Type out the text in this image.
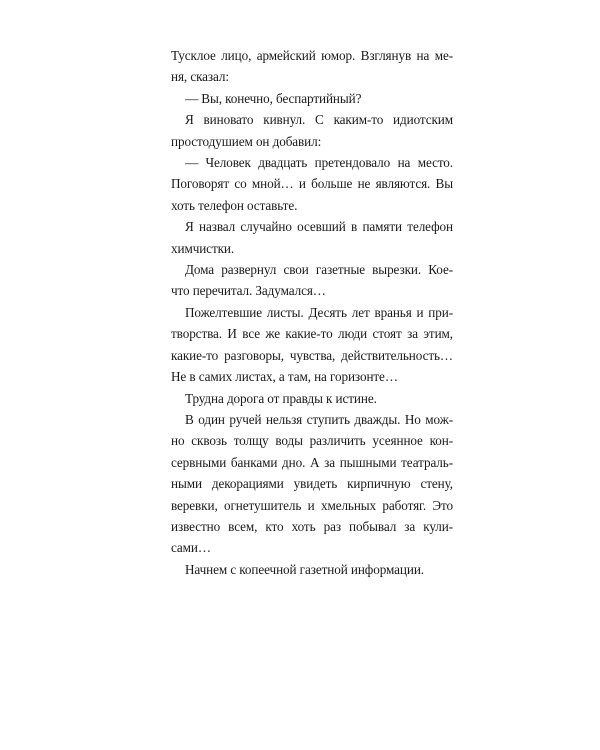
Тусклое лицо, армейский юмор. Взглянув на ме-
ня, сказал:
— Вы, конечно, беспартийный?
Я виновато кивнул. С каким-то идиотским
простодушием он добавил:
— Человек двадцать претендовало на место.
Поговорят со мной… и больше не являются. Вы
хоть телефон оставьте.
Я назвал случайно осевший в памяти телефон
химчистки.
Дома развернул свои газетные вырезки. Кое-
что перечитал. Задумался…
Пожелтевшие листы. Десять лет вранья и при-
творства. И все же какие-то люди стоят за этим,
какие-то разговоры, чувства, действительность…
Не в самих листах, а там, на горизонте…
Трудна дорога от правды к истине.
В один ручей нельзя ступить дважды. Но мож-
но сквозь толщу воды различить усеянное кон-
сервными банками дно. А за пышными театраль-
ными декорациями увидеть кирпичную стену,
веревки, огнетушитель и хмельных работяг. Это
известно всем, кто хоть раз побывал за кули-
сами…
Начнем с копеечной газетной информации.
